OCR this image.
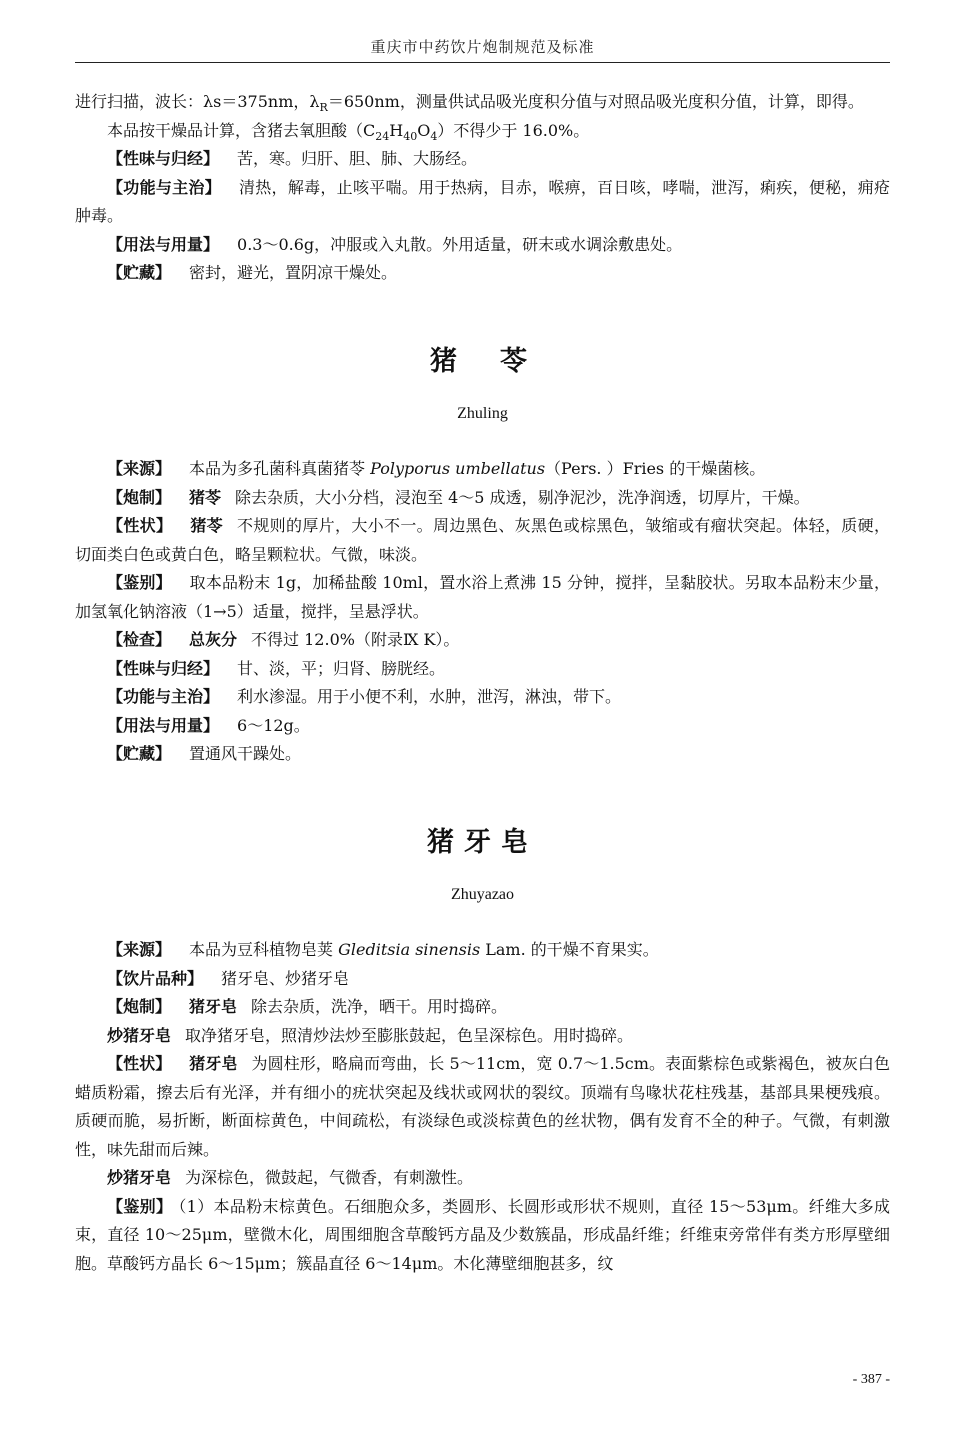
重庆市中药饮片炮制规范及标准

进行扫描，波长：λs＝375nm，$\lambda_R=650nm$，测量供试品吸光度积分值与对照品吸光度积分值，计算，即得。

本品按干燥品计算，含猪去氧胆酸$(C_{24}H_{40}O_4)$不得少于 16.0%。

【性味与归经】 苦，寒。归肝、胆、肺、大肠经。

【功能与主治】 清热，解毒，止咳平喘。用于热病，目赤，喉痹，百日咳，哮喘，泄泻，痢疾，便秘，痈疮肿毒。

【用法与用量】 0.3～0.6g，冲服或入丸散。外用适量，研末或水调涂敷患处。

【贮藏】 密封，避光，置阴凉干燥处。

猪　苓
Zhuling

【来源】 本品为多孔菌科真菌猪苓 Polyporus umbellatus（Pers. ）Fries 的干燥菌核。

【炮制】 猪苓 除去杂质，大小分档，浸泡至 4～5 成透，剔净泥沙，洗净润透，切厚片，干燥。

【性状】 猪苓 不规则的厚片，大小不一。周边黑色、灰黑色或棕黑色，皱缩或有瘤状突起。体轻，质硬，切面类白色或黄白色，略呈颗粒状。气微，味淡。

【鉴别】 取本品粉末 1g，加稀盐酸 10ml，置水浴上煮沸 15 分钟，搅拌，呈黏胶状。另取本品粉末少量，加氢氧化钠溶液（1→5）适量，搅拌，呈悬浮状。

【检查】 总灰分 不得过 12.0%（附录Ⅸ K）。

【性味与归经】 甘、淡，平；归肾、膀胱经。

【功能与主治】 利水渗湿。用于小便不利，水肿，泄泻，淋浊，带下。

【用法与用量】 6～12g。

【贮藏】 置通风干躁处。

猪牙皂
Zhuyazao

【来源】 本品为豆科植物皂荚 Gleditsia sinensis Lam. 的干燥不育果实。

【饮片品种】 猪牙皂、炒猪牙皂

【炮制】 猪牙皂 除去杂质，洗净，晒干。用时捣碎。

炒猪牙皂 取净猪牙皂，照清炒法炒至膨胀鼓起，色呈深棕色。用时捣碎。

【性状】 猪牙皂 为圆柱形，略扁而弯曲，长 5～11cm，宽 0.7～1.5cm。表面紫棕色或紫褐色，被灰白色蜡质粉霜，擦去后有光泽，并有细小的疣状突起及线状或网状的裂纹。顶端有鸟喙状花柱残基，基部具果梗残痕。质硬而脆，易折断，断面棕黄色，中间疏松，有淡绿色或淡棕黄色的丝状物，偶有发育不全的种子。气微，有刺激性，味先甜而后辣。

炒猪牙皂 为深棕色，微鼓起，气微香，有刺激性。

【鉴别】 （1）本品粉末棕黄色。石细胞众多，类圆形、长圆形或形状不规则，直径 15～53μm。纤维大多成束，直径 10～25μm，壁微木化，周围细胞含草酸钙方晶及少数簇晶，形成晶纤维；纤维束旁常伴有类方形厚壁细胞。草酸钙方晶长 6～15μm；簇晶直径 6～14μm。木化薄壁细胞甚多，纹

- 387 -
